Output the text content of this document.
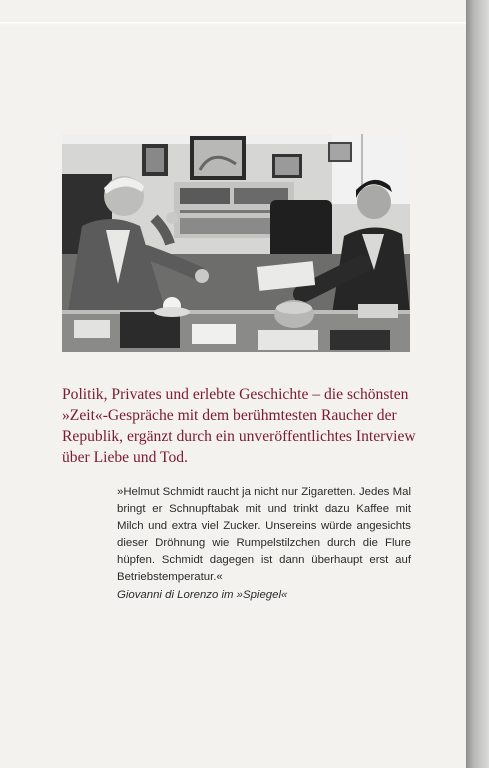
Politik, Privates und erlebte Geschichte – die schönsten »Zeit«-Gespräche mit dem berühmtesten Raucher der Republik, ergänzt durch ein unveröffentlichtes Interview über Liebe und Tod.

»Helmut Schmidt raucht ja nicht nur Zigaretten. Jedes Mal bringt er Schnupftabak mit und trinkt dazu Kaffee mit Milch und extra viel Zucker. Unsereins würde angesichts dieser Dröhnung wie Rumpelstilzchen durch die Flure hüpfen. Schmidt dagegen ist dann überhaupt erst auf Betriebstemperatur.«

Giovanni di Lorenzo im »Spiegel«
